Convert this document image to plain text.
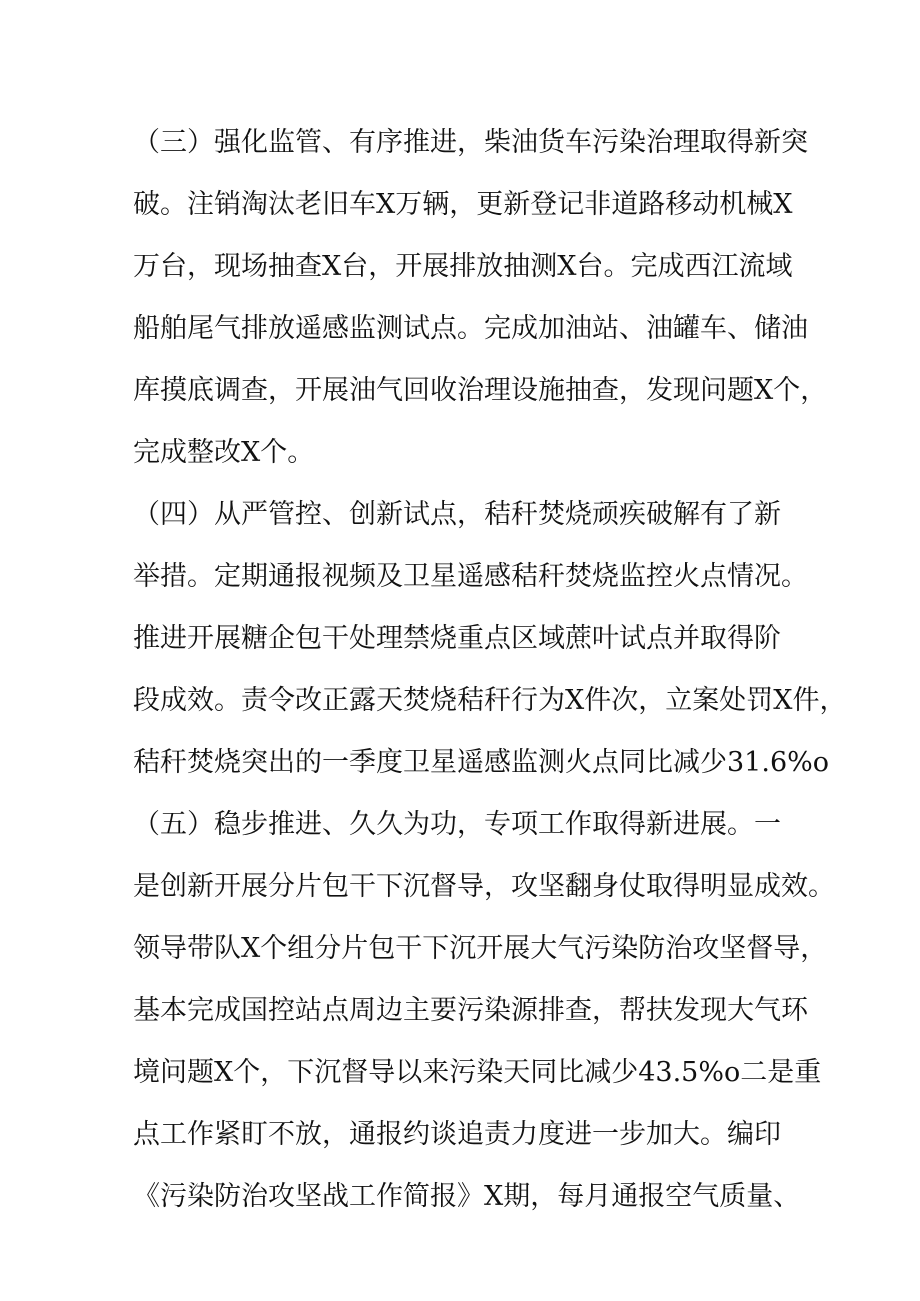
（三）强化监管、有序推进，柴油货车污染治理取得新突
破。注销淘汰老旧车X万辆，更新登记非道路移动机械X
万台，现场抽查X台，开展排放抽测X台。完成西江流域
船舶尾气排放遥感监测试点。完成加油站、油罐车、储油
库摸底调查，开展油气回收治理设施抽查，发现问题X个，
完成整改X个。
（四）从严管控、创新试点，秸秆焚烧顽疾破解有了新
举措。定期通报视频及卫星遥感秸秆焚烧监控火点情况。
推进开展糖企包干处理禁烧重点区域蔗叶试点并取得阶
段成效。责令改正露天焚烧秸秆行为X件次，立案处罚X件，
秸秆焚烧突出的一季度卫星遥感监测火点同比减少31.6%o
（五）稳步推进、久久为功，专项工作取得新进展。一
是创新开展分片包干下沉督导，攻坚翻身仗取得明显成效。
领导带队X个组分片包干下沉开展大气污染防治攻坚督导，
基本完成国控站点周边主要污染源排查，帮扶发现大气环
境问题X个，下沉督导以来污染天同比减少43.5%o二是重
点工作紧盯不放，通报约谈追责力度进一步加大。编印
《污染防治攻坚战工作简报》X期，每月通报空气质量、
